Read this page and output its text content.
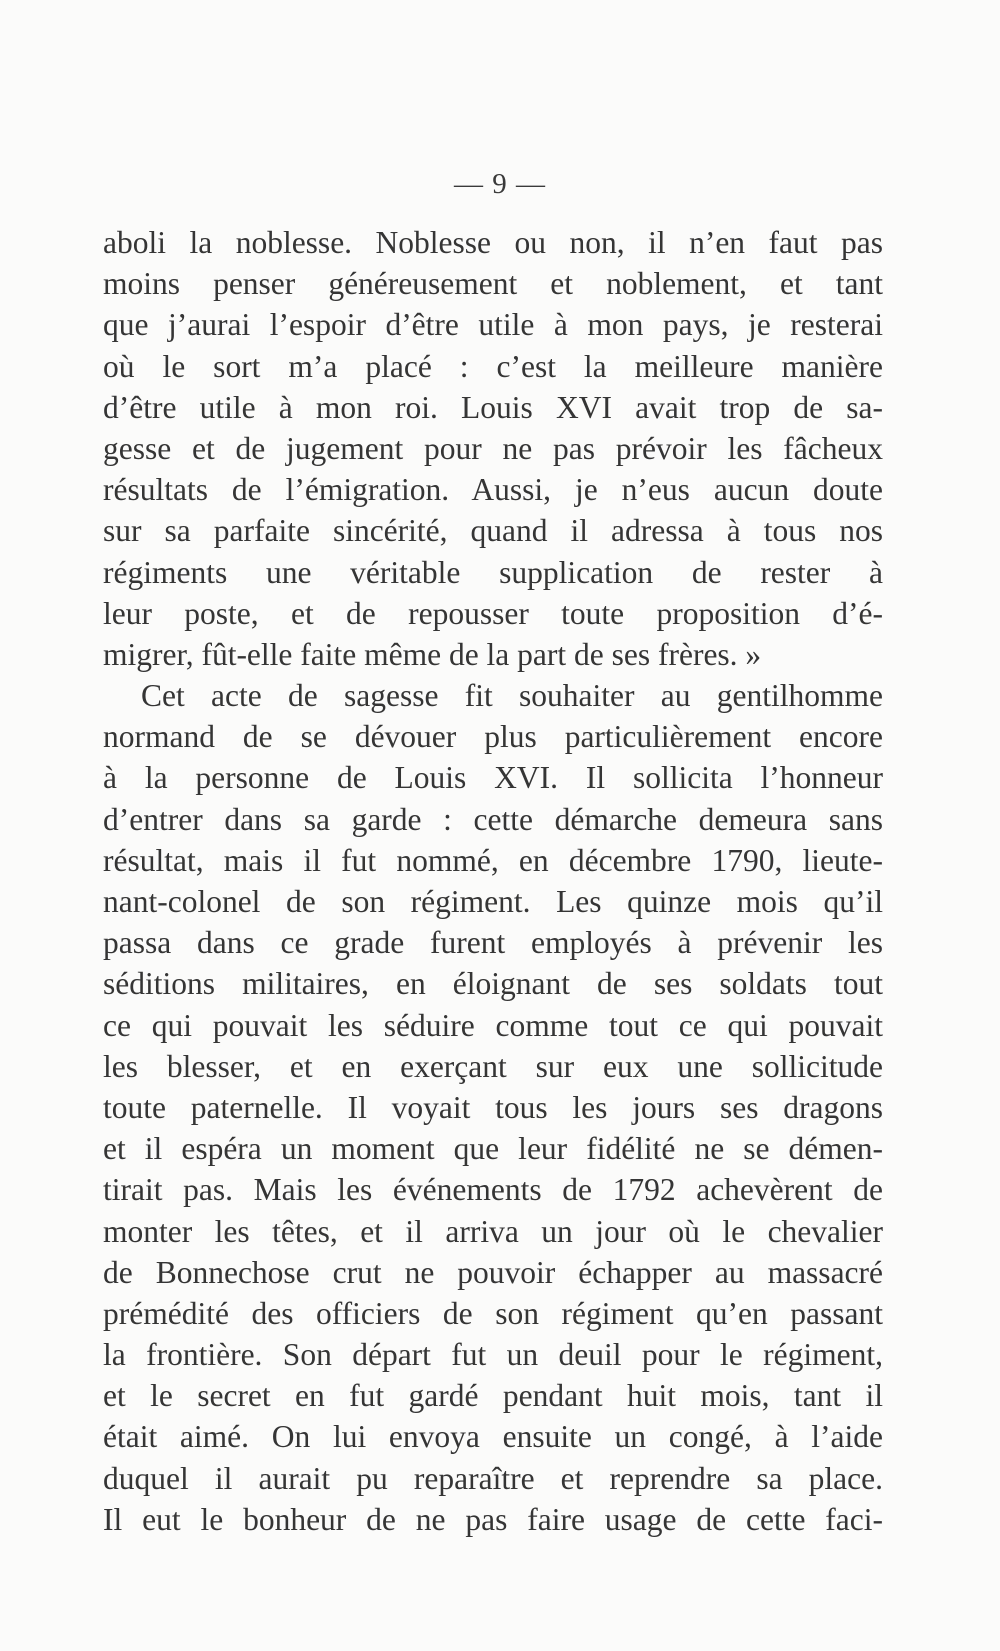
— 9 —
aboli la noblesse. Noblesse ou non, il n’en faut pas
moins penser généreusement et noblement, et tant
que j’aurai l’espoir d’être utile à mon pays, je resterai
où le sort m’a placé : c’est la meilleure manière
d’être utile à mon roi. Louis XVI avait trop de sa-
gesse et de jugement pour ne pas prévoir les fâcheux
résultats de l’émigration. Aussi, je n’eus aucun doute
sur sa parfaite sincérité, quand il adressa à tous nos
régiments une véritable supplication de rester à
leur poste, et de repousser toute proposition d’é-
migrer, fût-elle faite même de la part de ses frères. »
Cet acte de sagesse fit souhaiter au gentilhomme
normand de se dévouer plus particulièrement encore
à la personne de Louis XVI. Il sollicita l’honneur
d’entrer dans sa garde : cette démarche demeura sans
résultat, mais il fut nommé, en décembre 1790, lieute-
nant-colonel de son régiment. Les quinze mois qu’il
passa dans ce grade furent employés à prévenir les
séditions militaires, en éloignant de ses soldats tout
ce qui pouvait les séduire comme tout ce qui pouvait
les blesser, et en exerçant sur eux une sollicitude
toute paternelle. Il voyait tous les jours ses dragons
et il espéra un moment que leur fidélité ne se démen-
tirait pas. Mais les événements de 1792 achevèrent de
monter les têtes, et il arriva un jour où le chevalier
de Bonnechose crut ne pouvoir échapper au massacré
prémédité des officiers de son régiment qu’en passant
la frontière. Son départ fut un deuil pour le régiment,
et le secret en fut gardé pendant huit mois, tant il
était aimé. On lui envoya ensuite un congé, à l’aide
duquel il aurait pu reparaître et reprendre sa place.
Il eut le bonheur de ne pas faire usage de cette faci-
